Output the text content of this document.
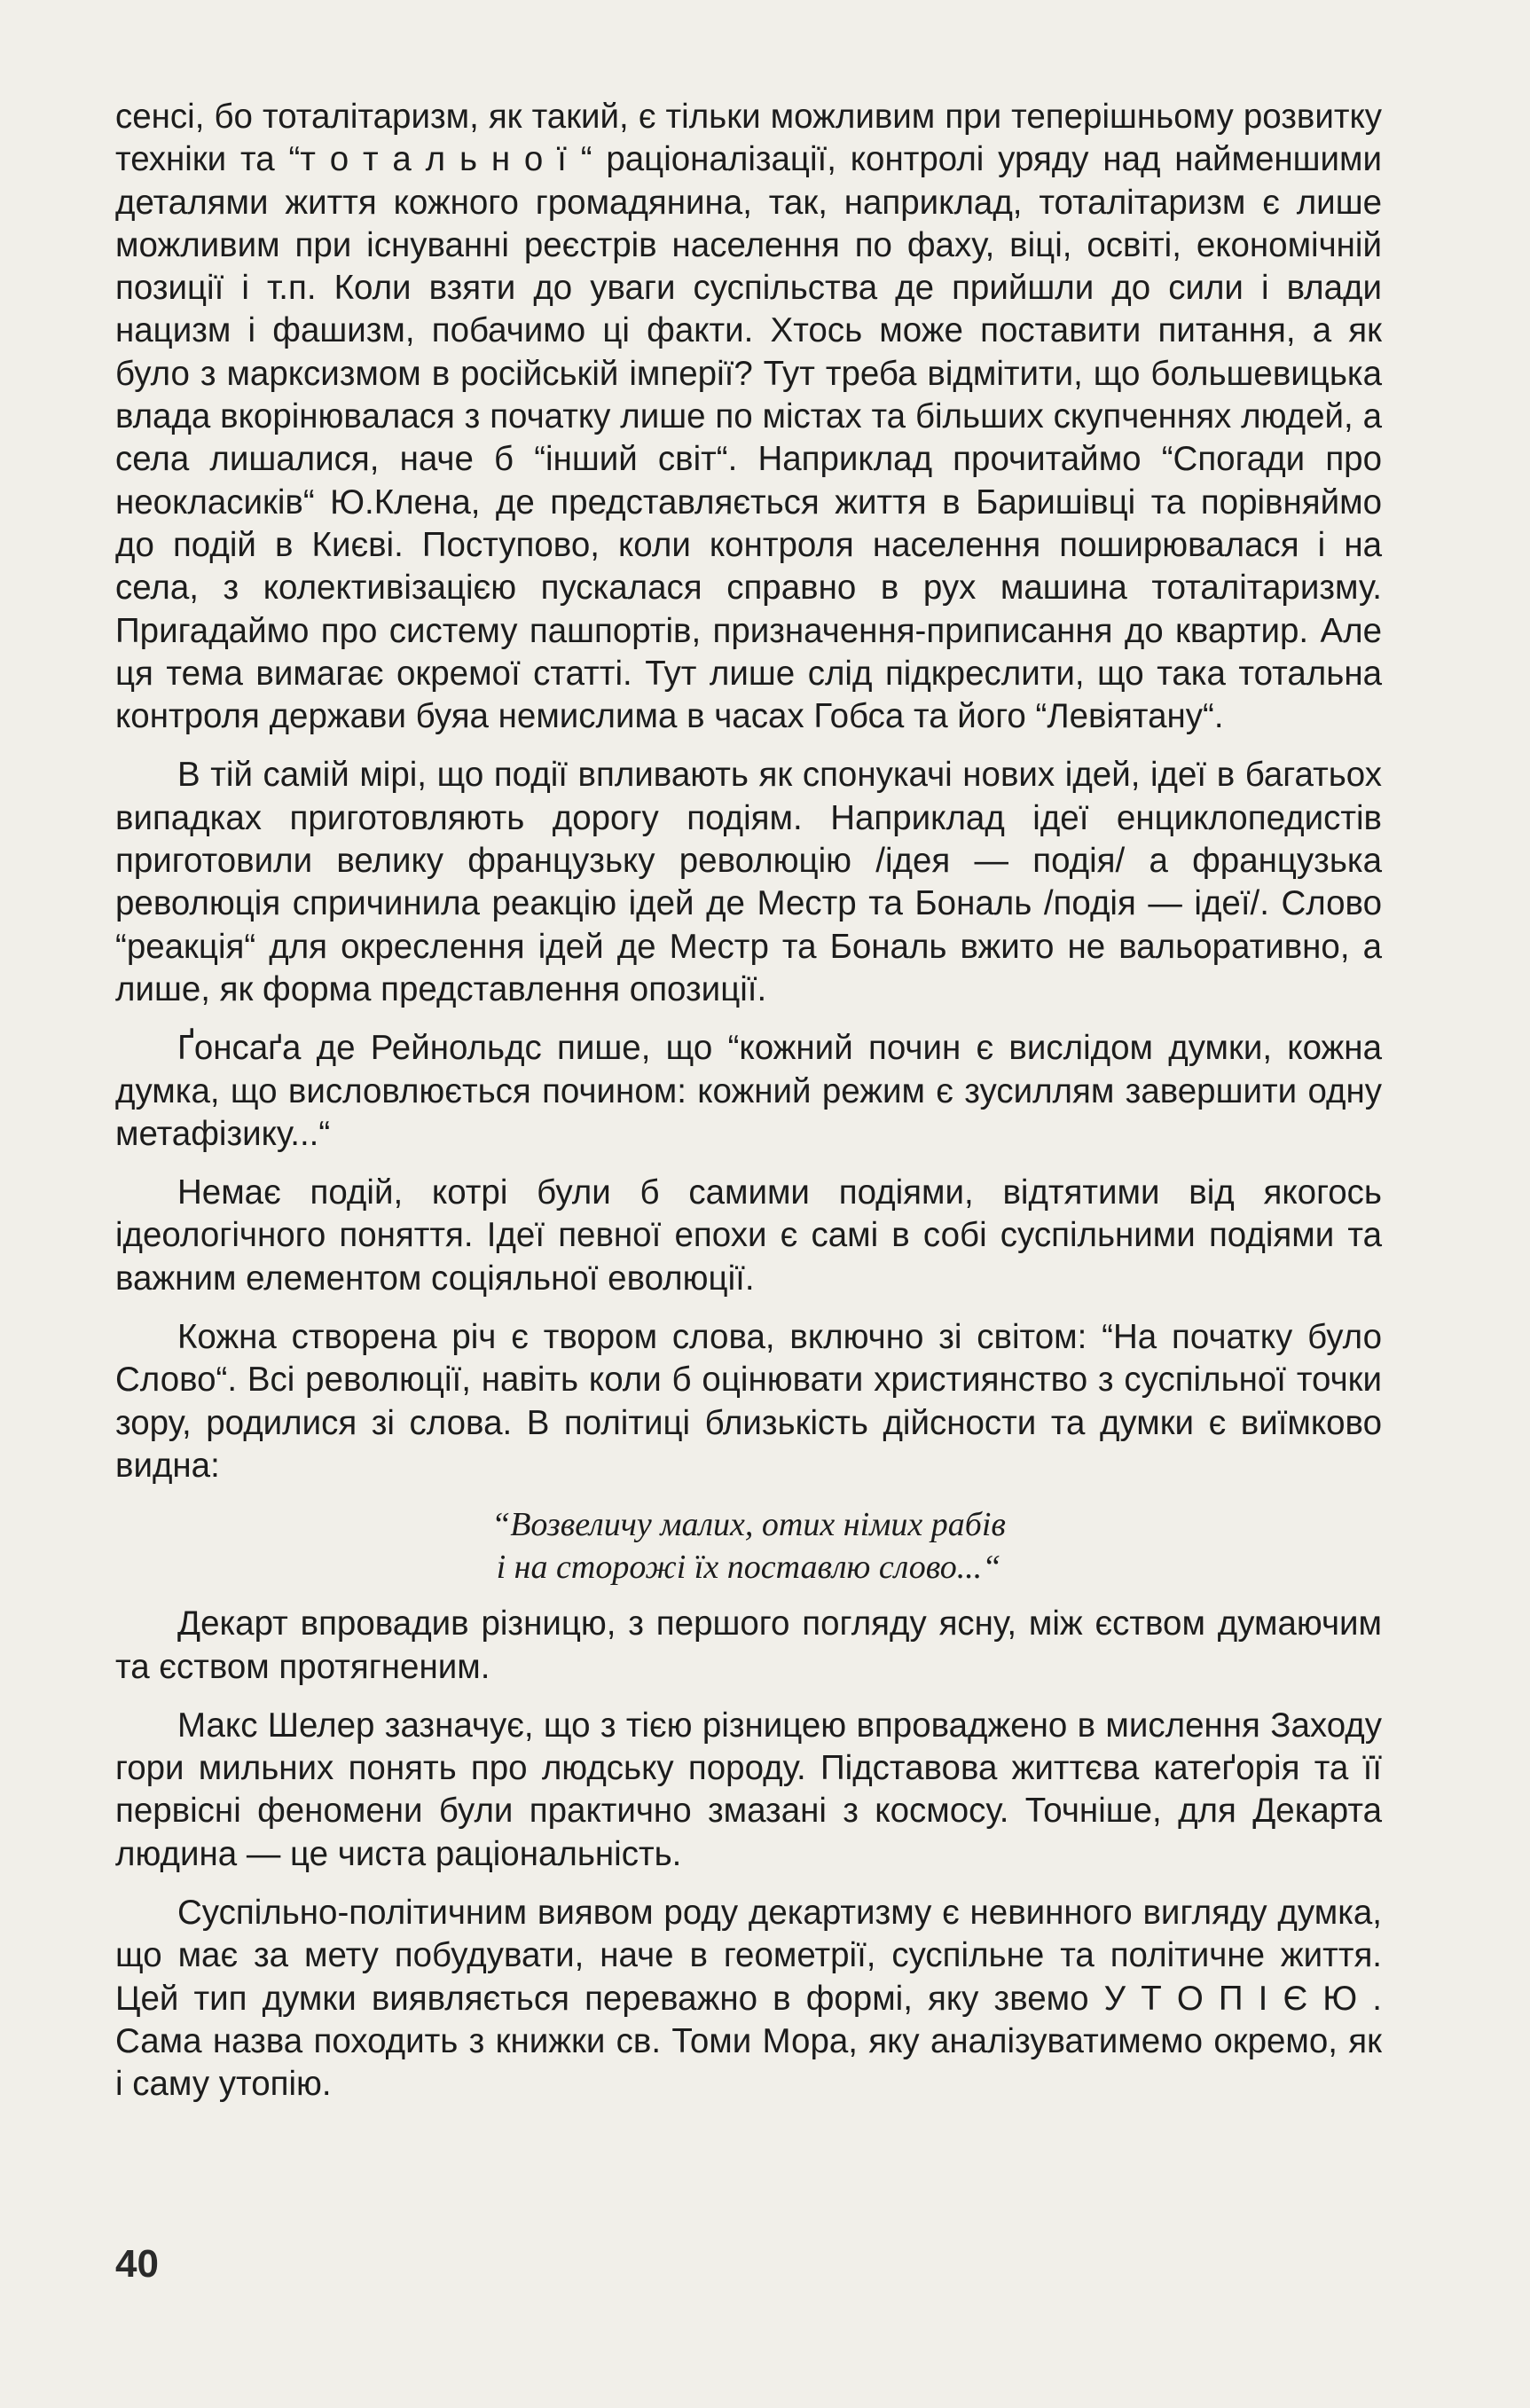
сенсі, бо тоталітаризм, як такий, є тільки можливим при теперішньому розвитку техніки та “т о т а л ь н о ї “ раціоналізації, контролі уряду над найменшими деталями життя кожного громадянина, так, наприклад, тоталітаризм є лише можливим при існуванні реєстрів населення по фаху, віці, освіті, економічній позиції і т.п. Коли взяти до уваги суспільства де прийшли до сили і влади нацизм і фашизм, побачимо ці факти. Хтось може поставити питання, а як було з марксизмом в російській імперії? Тут треба відмітити, що большевицька влада вкорінювалася з початку лише по містах та більших скупченнях людей, а села лишалися, наче б “інший світ“. Наприклад прочитаймо “Спогади про неокласиків“ Ю.Клена, де представляється життя в Баришівці та порівняймо до подій в Києві. Поступово, коли контроля населення поширювалася і на села, з колективізацією пускалася справно в рух машина тоталітаризму. Пригадаймо про систему пашпортів, призначення-приписання до квартир. Але ця тема вимагає окремої статті. Тут лише слід підкреслити, що така тотальна контроля держави буяа немислима в часах Гобса та його “Левіятану“.

В тій самій мірі, що події впливають як спонукачі нових ідей, ідеї в багатьох випадках приготовляють дорогу подіям. Наприклад ідеї енциклопедистів приготовили велику французьку революцію /ідея — подія/ а французька революція спричинила реакцію ідей де Местр та Бональ /подія — ідеї/. Слово “реакція“ для окреслення ідей де Местр та Бональ вжито не вальоративно, а лише, як форма представлення опозиції.

Ґонсаґа де Рейнольдс пише, що “кожний почин є вислідом думки, кожна думка, що висловлюється почином: кожний режим є зусиллям завершити одну метафізику...“

Немає подій, котрі були б самими подіями, відтятими від якогось ідеологічного поняття. Ідеї певної епохи є самі в собі суспільними подіями та важним елементом соціяльної еволюції.

Кожна створена річ є твором слова, включно зі світом: “На початку було Слово“. Всі революції, навіть коли б оцінювати християнство з суспільної точки зору, родилися зі слова. В політиці близькість дійсности та думки є виїмково видна:

“Возвеличу малих, отих німих рабів
і на сторожі їх поставлю слово...“

Декарт впровадив різницю, з першого погляду ясну, між єством думаючим та єством протягненим.

Макс Шелер зазначує, що з тією різницею впроваджено в мислення Заходу гори мильних понять про людську породу. Підставова життєва катеґорія та її первісні феномени були практично змазані з космосу. Точніше, для Декарта людина — це чиста раціональність.

Суспільно-політичним виявом роду декартизму є невинного вигляду думка, що має за мету побудувати, наче в геометрії, суспільне та політичне життя. Цей тип думки виявляється переважно в формі, яку звемо У Т О П І Є Ю . Сама назва походить з книжки св. Томи Мора, яку аналізуватимемо окремо, як і саму утопію.

40
